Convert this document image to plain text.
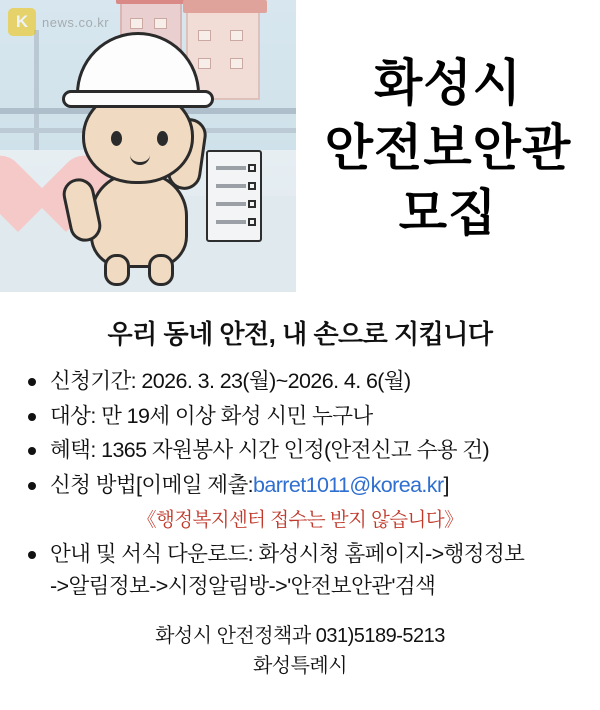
K	news.co.kr
화성시
안전보안관
모집
우리 동네 안전, 내 손으로 지킵니다
신청기간: 2026. 3. 23(월)~2026. 4. 6(월)
대상: 만 19세 이상 화성 시민 누구나
혜택: 1365 자원봉사 시간 인정(안전신고 수용 건)
신청 방법[이메일 제출:barret1011@korea.kr]
《행정복지센터 접수는 받지 않습니다》
안내 및 서식 다운로드: 화성시청 홈페이지->행정정보
->알림정보->시정알림방->'안전보안관'검색
화성시 안전정책과 031)5189-5213
화성특례시
